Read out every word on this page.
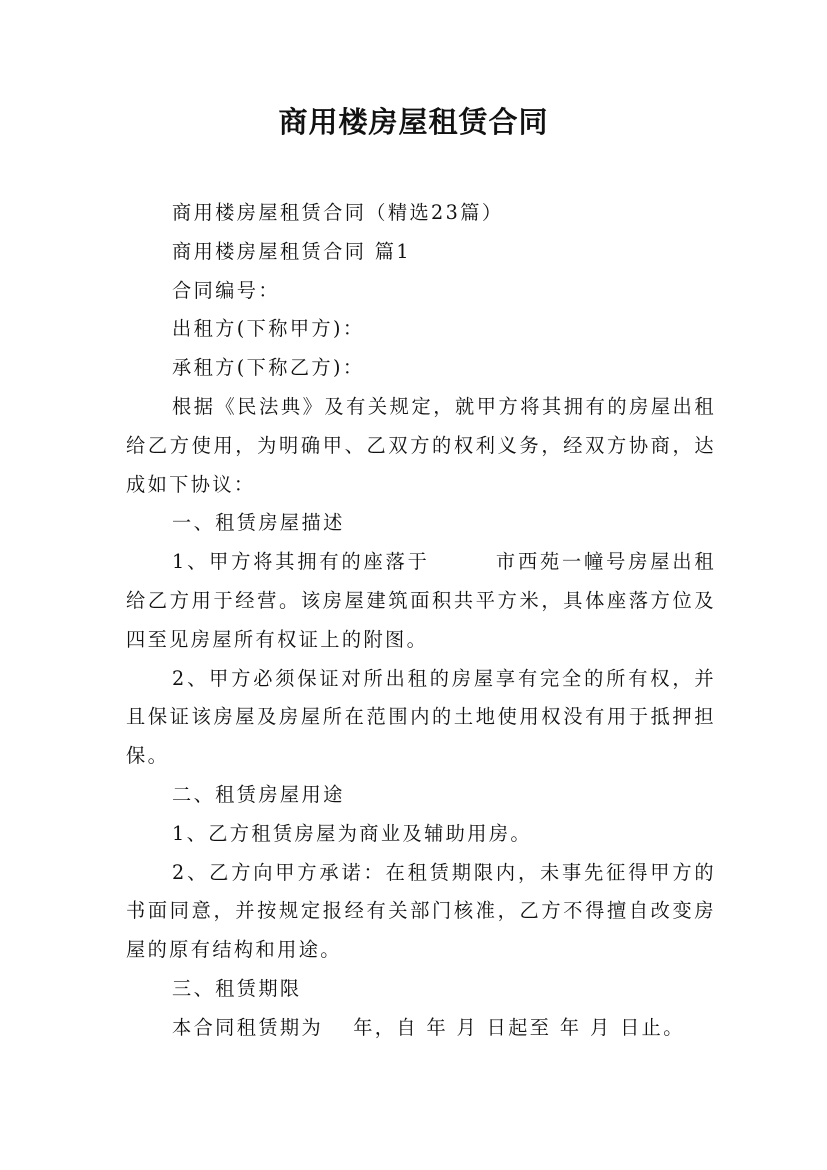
商用楼房屋租赁合同

商用楼房屋租赁合同（精选23篇）

商用楼房屋租赁合同 篇1

合同编号：

出租方(下称甲方)：

承租方(下称乙方)：

根据《民法典》及有关规定，就甲方将其拥有的房屋出租给乙方使用，为明确甲、乙双方的权利义务，经双方协商，达成如下协议：

一、租赁房屋描述

1、甲方将其拥有的座落于　　　市西苑一幢号房屋出租给乙方用于经营。该房屋建筑面积共平方米，具体座落方位及四至见房屋所有权证上的附图。

2、甲方必须保证对所出租的房屋享有完全的所有权，并且保证该房屋及房屋所在范围内的土地使用权没有用于抵押担保。

二、租赁房屋用途

1、乙方租赁房屋为商业及辅助用房。

2、乙方向甲方承诺：在租赁期限内，未事先征得甲方的书面同意，并按规定报经有关部门核准，乙方不得擅自改变房屋的原有结构和用途。

三、租赁期限

本合同租赁期为　 年，自 年 月 日起至 年 月 日止。
